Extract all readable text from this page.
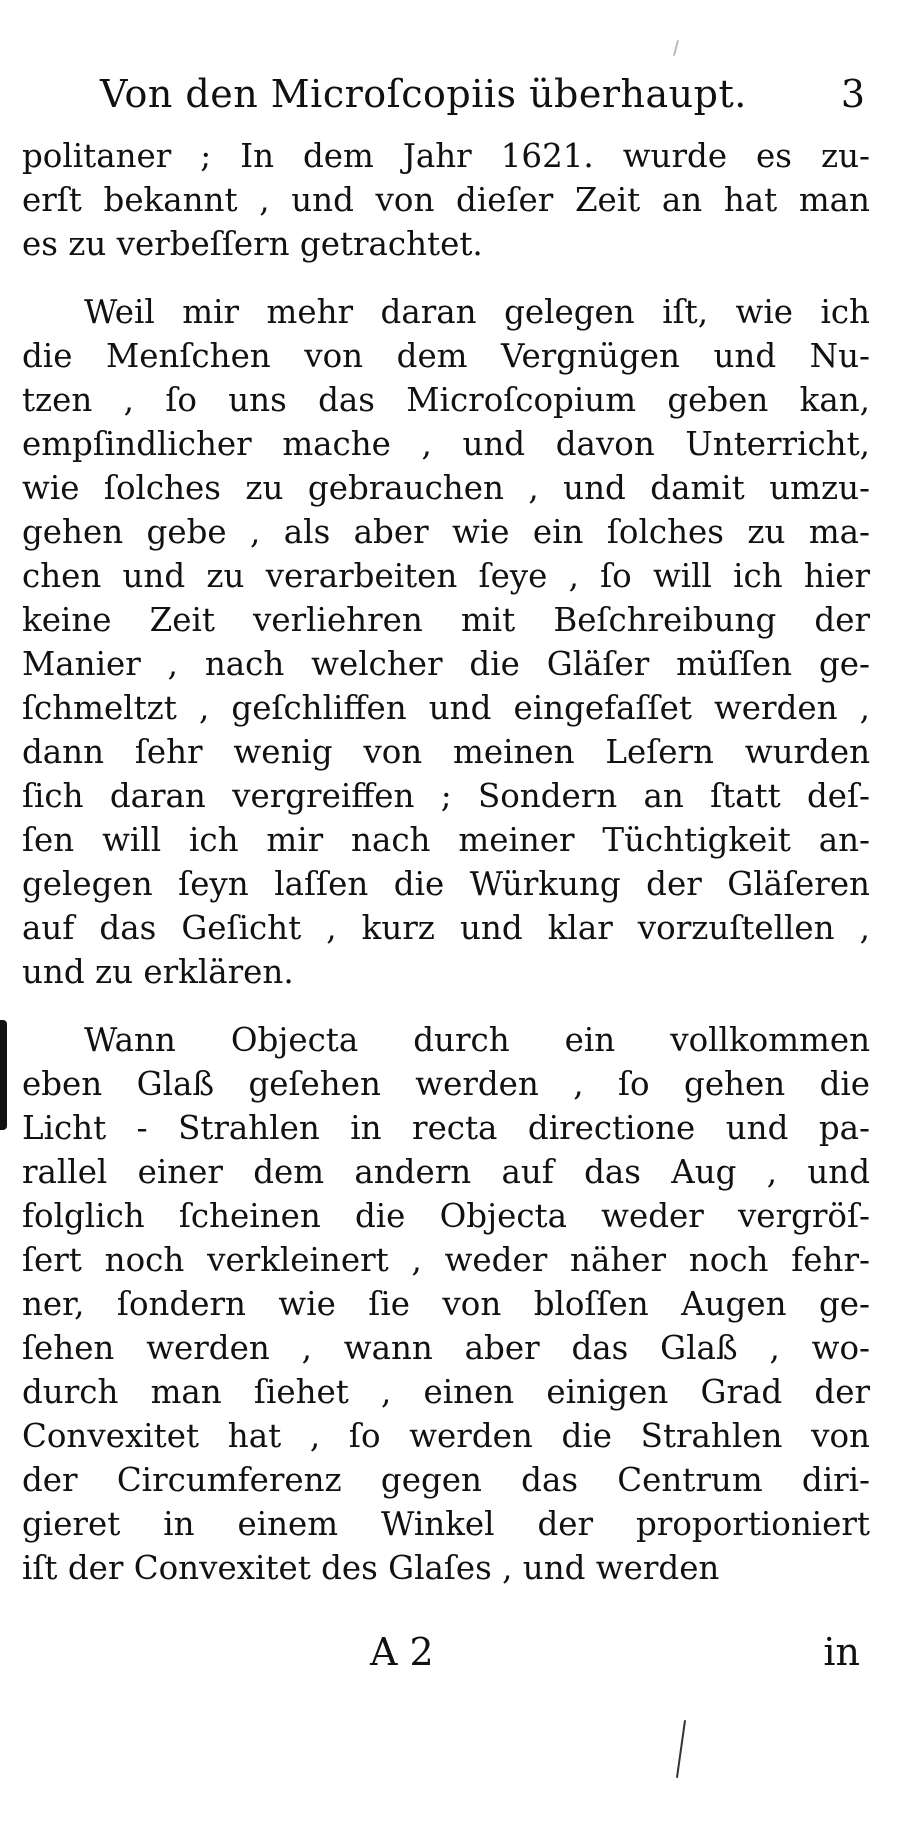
Von den Microſcopiis überhaupt. 3
politaner ; In dem Jahr 1621. wurde es zu-
erſt bekannt , und von dieſer Zeit an hat man
es zu verbeſſern getrachtet.
Weil mir mehr daran gelegen iſt, wie ich
die Menſchen von dem Vergnügen und Nu-
tzen , ſo uns das Microſcopium geben kan,
empſindlicher mache , und davon Unterricht,
wie ſolches zu gebrauchen , und damit umzu-
gehen gebe , als aber wie ein ſolches zu ma-
chen und zu verarbeiten ſeye , ſo will ich hier
keine Zeit verliehren mit Beſchreibung der
Manier , nach welcher die Gläſer müſſen ge-
ſchmeltzt , geſchliffen und eingefaſſet werden ,
dann ſehr wenig von meinen Leſern wurden
ſich daran vergreiffen ; Sondern an ſtatt deſ-
ſen will ich mir nach meiner Tüchtigkeit an-
gelegen ſeyn laſſen die Würkung der Gläſeren
auf das Geſicht , kurz und klar vorzuſtellen ,
und zu erklären.
Wann Objecta durch ein vollkommen
eben Glaß geſehen werden , ſo gehen die
Licht - Strahlen in recta directione und pa-
rallel einer dem andern auf das Aug , und
folglich ſcheinen die Objecta weder vergröſ-
ſert noch verkleinert , weder näher noch fehr-
ner, ſondern wie ſie von bloſſen Augen ge-
ſehen werden , wann aber das Glaß , wo-
durch man ſiehet , einen einigen Grad der
Convexitet hat , ſo werden die Strahlen von
der Circumferenz gegen das Centrum diri-
gieret in einem Winkel der proportioniert
iſt der Convexitet des Glaſes , und werden
A 2	in
